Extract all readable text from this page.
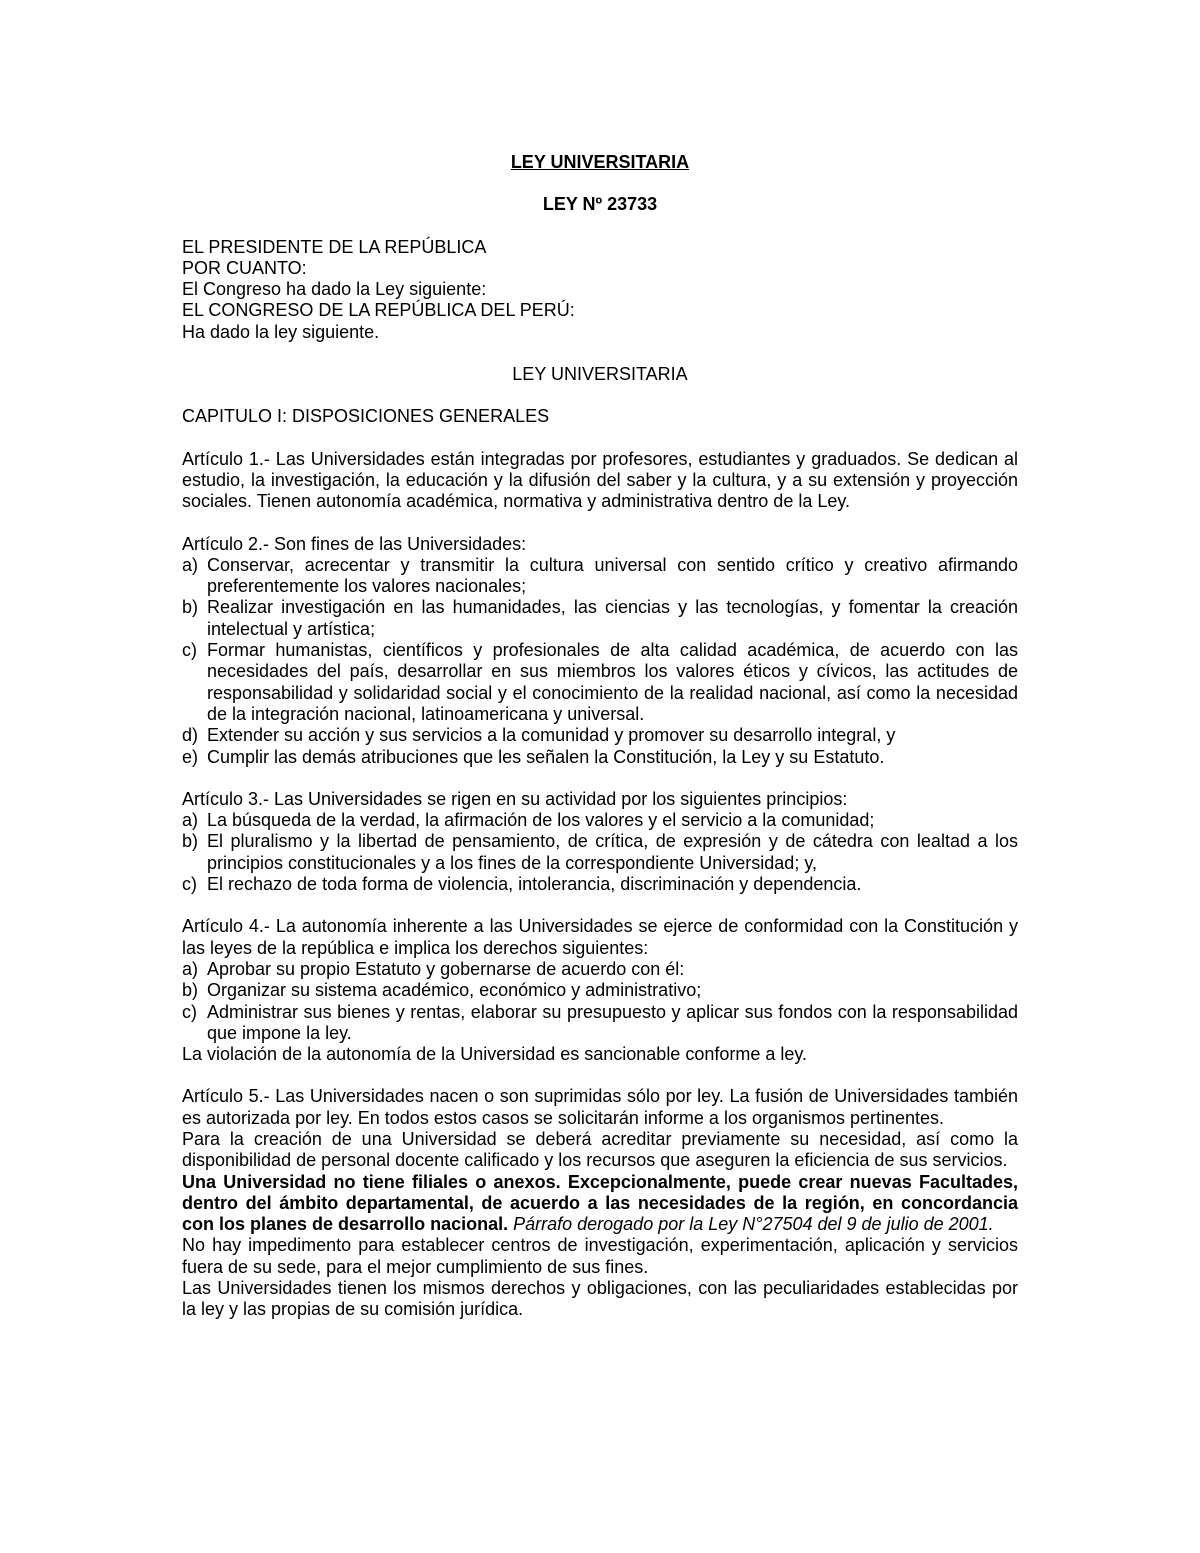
LEY UNIVERSITARIA

LEY Nº 23733

EL PRESIDENTE DE LA REPÚBLICA

POR CUANTO:

El Congreso ha dado la Ley siguiente:

EL CONGRESO DE LA REPÚBLICA DEL PERÚ:

Ha dado la ley siguiente.

LEY UNIVERSITARIA

CAPITULO I: DISPOSICIONES GENERALES

Artículo 1.- Las Universidades están integradas por profesores, estudiantes y graduados. Se dedican al estudio, la investigación, la educación y la difusión del saber y la cultura, y a su extensión y proyección sociales. Tienen autonomía académica, normativa y administrativa dentro de la Ley.

Artículo 2.- Son fines de las Universidades:

a) Conservar, acrecentar y transmitir la cultura universal con sentido crítico y creativo afirmando preferentemente los valores nacionales;
b) Realizar investigación en las humanidades, las ciencias y las tecnologías, y fomentar la creación intelectual y artística;
c) Formar humanistas, científicos y profesionales de alta calidad académica, de acuerdo con las necesidades del país, desarrollar en sus miembros los valores éticos y cívicos, las actitudes de responsabilidad y solidaridad social y el conocimiento de la realidad nacional, así como la necesidad de la integración nacional, latinoamericana y universal.
d) Extender su acción y sus servicios a la comunidad y promover su desarrollo integral, y
e) Cumplir las demás atribuciones que les señalen la Constitución, la Ley y su Estatuto.

Artículo 3.- Las Universidades se rigen en su actividad por los siguientes principios:

a) La búsqueda de la verdad, la afirmación de los valores y el servicio a la comunidad;
b) El pluralismo y la libertad de pensamiento, de crítica, de expresión y de cátedra con lealtad a los principios constitucionales y a los fines de la correspondiente Universidad; y,
c) El rechazo de toda forma de violencia, intolerancia, discriminación y dependencia.

Artículo 4.- La autonomía inherente a las Universidades se ejerce de conformidad con la Constitución y las leyes de la república e implica los derechos siguientes:

a) Aprobar su propio Estatuto y gobernarse de acuerdo con él:
b) Organizar su sistema académico, económico y administrativo;
c) Administrar sus bienes y rentas, elaborar su presupuesto y aplicar sus fondos con la responsabilidad que impone la ley.

La violación de la autonomía de la Universidad es sancionable conforme a ley.

Artículo 5.- Las Universidades nacen o son suprimidas sólo por ley. La fusión de Universidades también es autorizada por ley. En todos estos casos se solicitarán informe a los organismos pertinentes.

Para la creación de una Universidad se deberá acreditar previamente su necesidad, así como la disponibilidad de personal docente calificado y los recursos que aseguren la eficiencia de sus servicios.

Una Universidad no tiene filiales o anexos. Excepcionalmente, puede crear nuevas Facultades, dentro del ámbito departamental, de acuerdo a las necesidades de la región, en concordancia con los planes de desarrollo nacional. Párrafo derogado por la Ley N°27504 del 9 de julio de 2001.

No hay impedimento para establecer centros de investigación, experimentación, aplicación y servicios fuera de su sede, para el mejor cumplimiento de sus fines.

Las Universidades tienen los mismos derechos y obligaciones, con las peculiaridades establecidas por la ley y las propias de su comisión jurídica.
